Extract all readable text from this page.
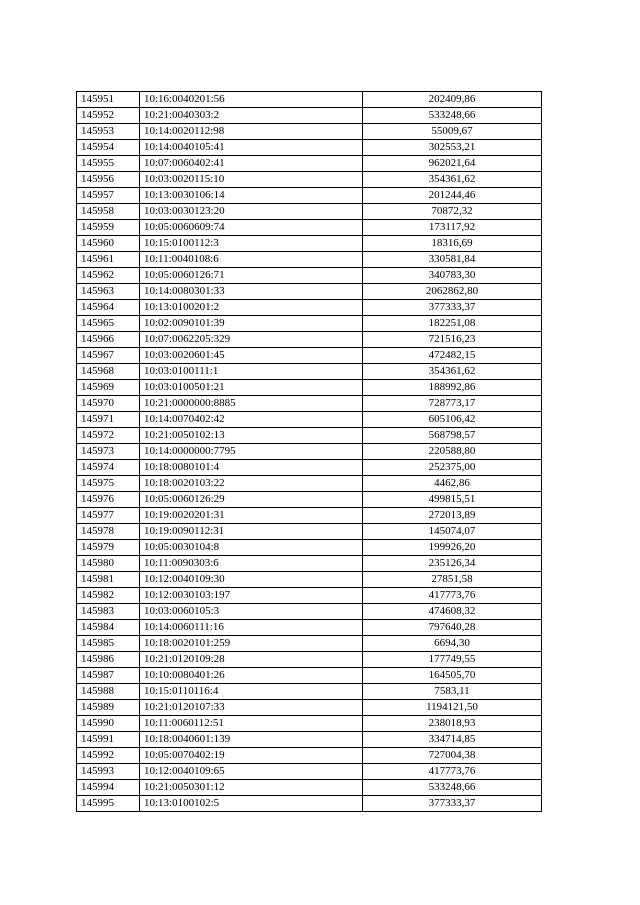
145951	10:16:0040201:56	202409,86
145952	10:21:0040303:2	533248,66
145953	10:14:0020112:98	55009,67
145954	10:14:0040105:41	302553,21
145955	10:07:0060402:41	962021,64
145956	10:03:0020115:10	354361,62
145957	10:13:0030106:14	201244,46
145958	10:03:0030123:20	70872,32
145959	10:05:0060609:74	173117,92
145960	10:15:0100112:3	18316,69
145961	10:11:0040108:6	330581,84
145962	10:05:0060126:71	340783,30
145963	10:14:0080301:33	2062862,80
145964	10:13:0100201:2	377333,37
145965	10:02:0090101:39	182251,08
145966	10:07:0062205:329	721516,23
145967	10:03:0020601:45	472482,15
145968	10:03:0100111:1	354361,62
145969	10:03:0100501:21	188992,86
145970	10:21:0000000:8885	728773,17
145971	10:14:0070402:42	605106,42
145972	10:21:0050102:13	568798,57
145973	10:14:0000000:7795	220588,80
145974	10:18:0080101:4	252375,00
145975	10:18:0020103:22	4462,86
145976	10:05:0060126:29	499815,51
145977	10:19:0020201:31	272013,89
145978	10:19:0090112:31	145074,07
145979	10:05:0030104:8	199926,20
145980	10:11:0090303:6	235126,34
145981	10:12:0040109:30	27851,58
145982	10:12:0030103:197	417773,76
145983	10:03:0060105:3	474608,32
145984	10:14:0060111:16	797640,28
145985	10:18:0020101:259	6694,30
145986	10:21:0120109:28	177749,55
145987	10:10:0080401:26	164505,70
145988	10:15:0110116:4	7583,11
145989	10:21:0120107:33	1194121,50
145990	10:11:0060112:51	238018,93
145991	10:18:0040601:139	334714,85
145992	10:05:0070402:19	727004,38
145993	10:12:0040109:65	417773,76
145994	10:21:0050301:12	533248,66
145995	10:13:0100102:5	377333,37
